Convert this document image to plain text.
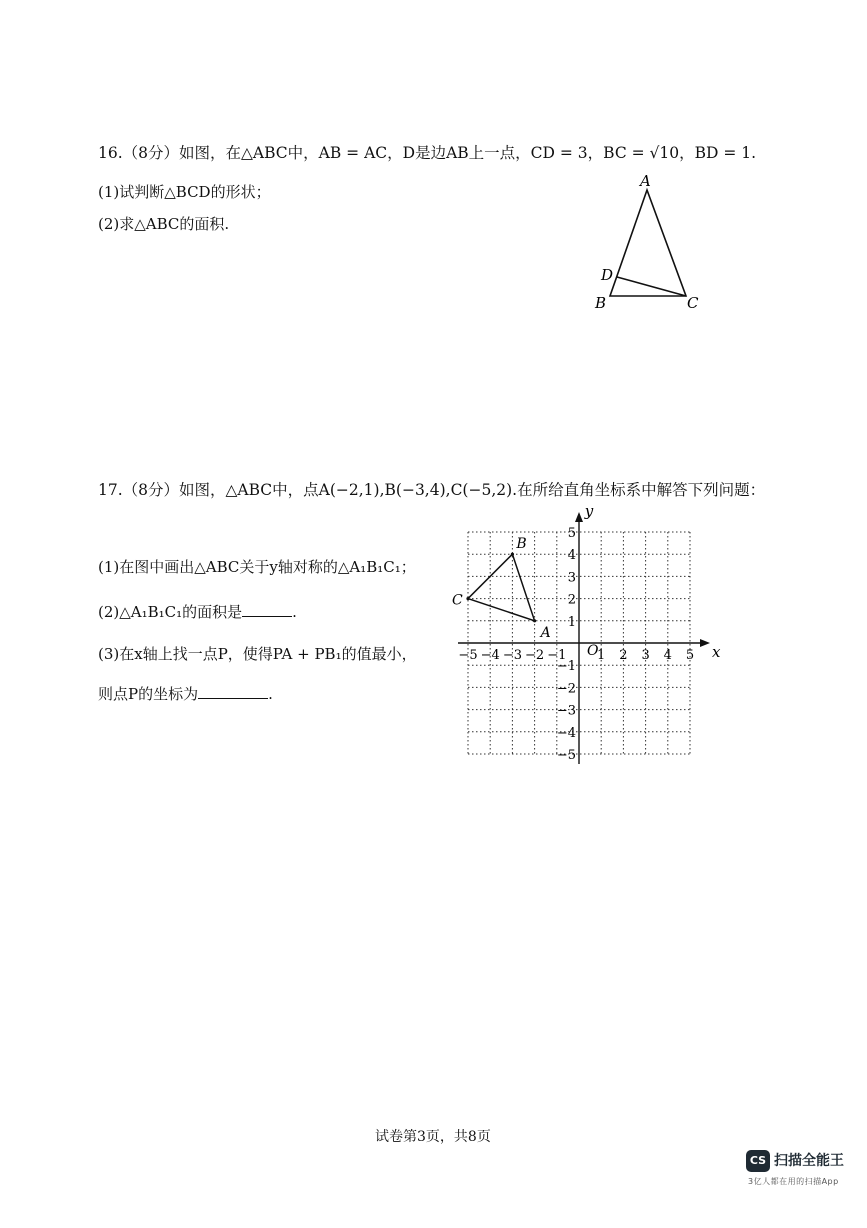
16.（8分）如图，在△ABC中，AB = AC，D是边AB上一点，CD = 3，BC = √10，BD = 1.
(1)试判断△BCD的形状；
(2)求△ABC的面积.
A
D
B	C
17.（8分）如图，△ABC中，点A(−2,1),B(−3,4),C(−5,2).在所给直角坐标系中解答下列问题：
(1)在图中画出△ABC关于y轴对称的△A₁B₁C₁；
(2)△A₁B₁C₁的面积是	.
(3)在x轴上找一点P，使得PA + PB₁的值最小，
则点P的坐标为	.
x
y
O
−5 −4 −3 −2 −1 1 2 3 4 5
5
4
3
2
1
−1
−2
−3
−4
−5
A
B
C
试卷第3页，共8页
CS 扫描全能王
3亿人都在用的扫描App
